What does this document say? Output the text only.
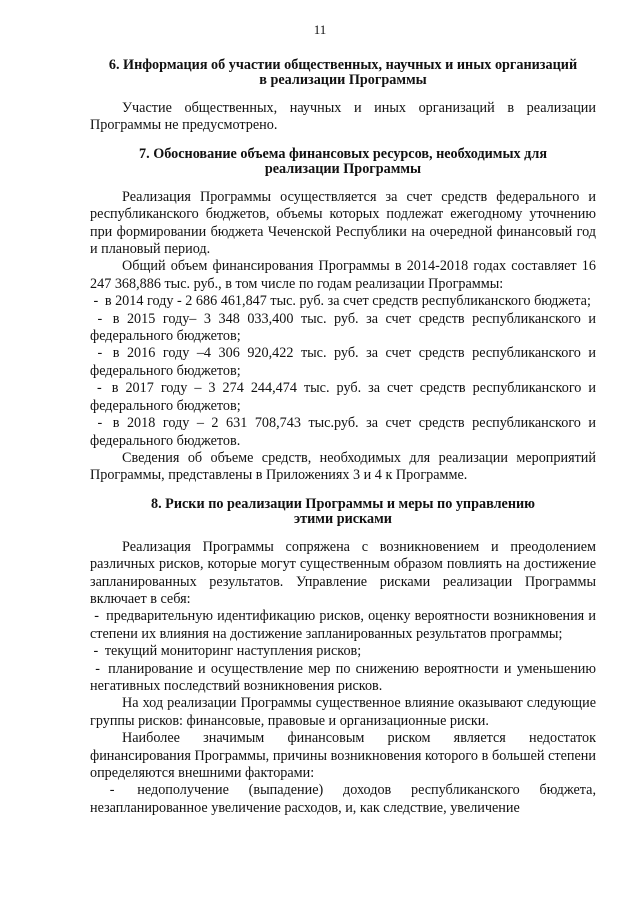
11
6. Информация об участии общественных, научных и иных организаций
в реализации Программы

Участие общественных, научных и иных организаций в реализации Программы не предусмотрено.

7. Обоснование объема финансовых ресурсов, необходимых для
реализации Программы

Реализация Программы осуществляется за счет средств федерального и республиканского бюджетов, объемы которых подлежат ежегодному уточнению при формировании бюджета Чеченской Республики на очередной финансовый год и плановый период.

Общий объем финансирования Программы в 2014-2018 годах составляет 16 247 368,886 тыс. руб., в том числе по годам реализации Программы:

- в 2014 году - 2 686 461,847 тыс. руб. за счет средств республиканского бюджета;

- в 2015 году– 3 348 033,400 тыс. руб. за счет средств республиканского и федерального бюджетов;

- в 2016 году –4 306 920,422 тыс. руб. за счет средств республиканского и федерального бюджетов;

- в 2017 году – 3 274 244,474 тыс. руб. за счет средств республиканского и федерального бюджетов;

- в 2018 году – 2 631 708,743 тыс.руб. за счет средств республиканского и федерального бюджетов.

Сведения об объеме средств, необходимых для реализации мероприятий Программы, представлены в Приложениях 3 и 4 к Программе.

8. Риски по реализации Программы и меры по управлению
этими рисками

Реализация Программы сопряжена с возникновением и преодолением различных рисков, которые могут существенным образом повлиять на достижение запланированных результатов. Управление рисками реализации Программы включает в себя:

- предварительную идентификацию рисков, оценку вероятности возникновения и степени их влияния на достижение запланированных результатов программы;

- текущий мониторинг наступления рисков;

- планирование и осуществление мер по снижению вероятности и уменьшению негативных последствий возникновения рисков.

На ход реализации Программы существенное влияние оказывают следующие группы рисков: финансовые, правовые и организационные риски.

Наиболее значимым финансовым риском является недостаток финансирования Программы, причины возникновения которого в большей степени определяются внешними факторами:

- недополучение (выпадение) доходов республиканского бюджета, незапланированное увеличение расходов, и, как следствие, увеличение
